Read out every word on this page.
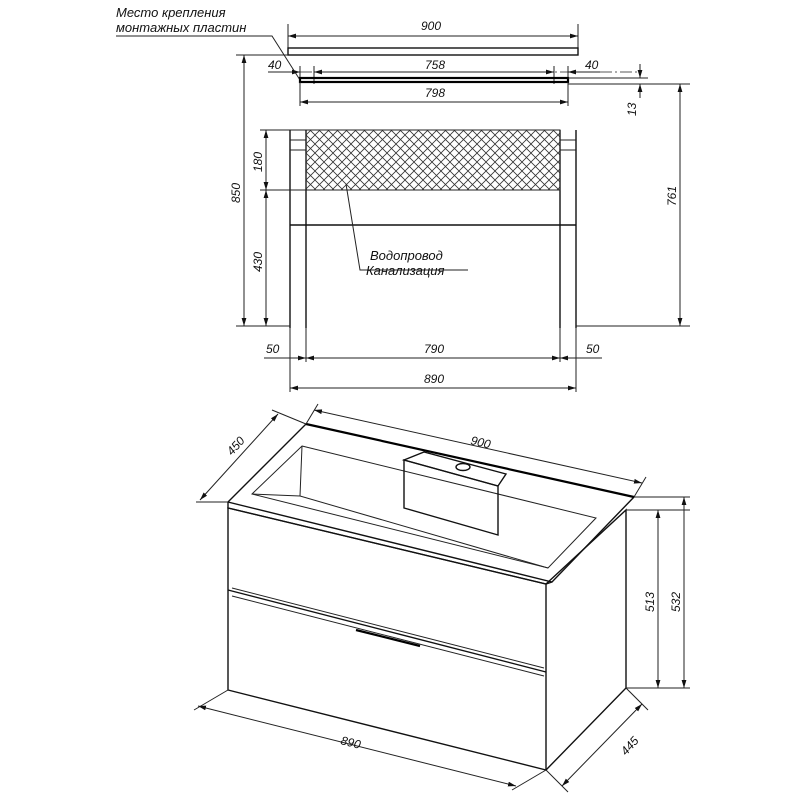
Место крепления
монтажных пластин	900
758
40	40
798
13
Водопровод
Канализация
850
180
430
761
790
50	50
890
450	900
513 532
890	445
